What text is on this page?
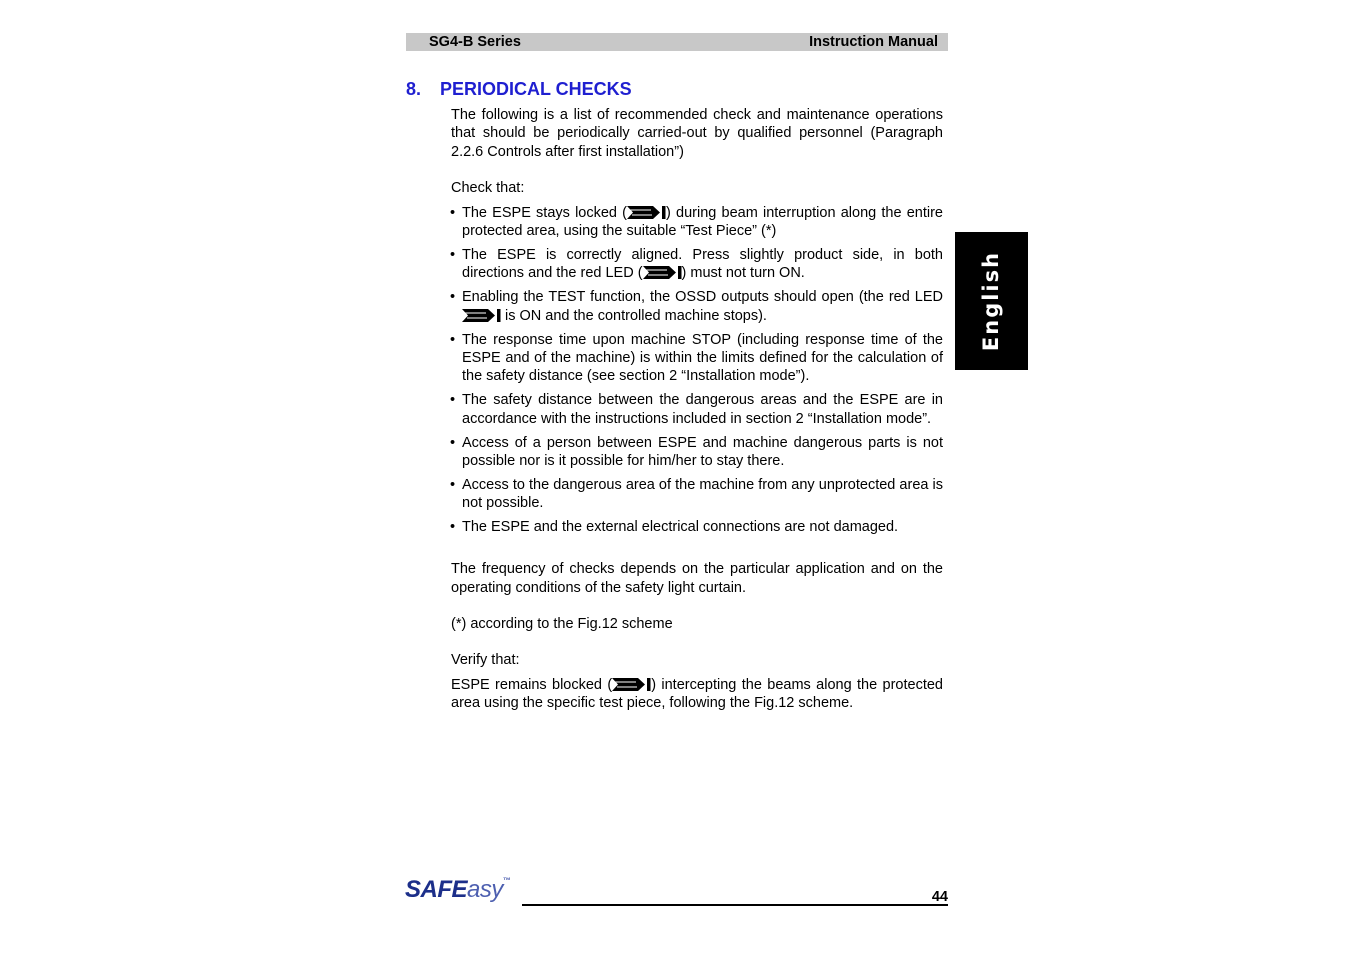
SG4-B Series	Instruction Manual
8. PERIODICAL CHECKS

The following is a list of recommended check and maintenance operations that should be periodically carried-out by qualified personnel (Paragraph 2.2.6 Controls after first installation”)

Check that:

• The ESPE stays locked (	) during beam interruption along the entire protected area, using the suitable “Test Piece” (*)
• The ESPE is correctly aligned. Press slightly product side, in both directions and the red LED (	) must not turn ON.
• Enabling the TEST function, the OSSD outputs should open (the red LED
is ON and the controlled machine stops).
• The response time upon machine STOP (including response time of the ESPE and of the machine) is within the limits defined for the calculation of the safety distance (see section 2 “Installation mode”).
• The safety distance between the dangerous areas and the ESPE are in accordance with the instructions included in section 2 “Installation mode”.
• Access of a person between ESPE and machine dangerous parts is not possible nor is it possible for him/her to stay there.
• Access to the dangerous area of the machine from any unprotected area is not possible.
• The ESPE and the external electrical connections are not damaged.

The frequency of checks depends on the particular application and on the operating conditions of the safety light curtain.

(*) according to the Fig.12 scheme

Verify that:

ESPE remains blocked (	) intercepting the beams along the protected area using the specific test piece, following the Fig.12 scheme.

English
SAFEasy™
44
